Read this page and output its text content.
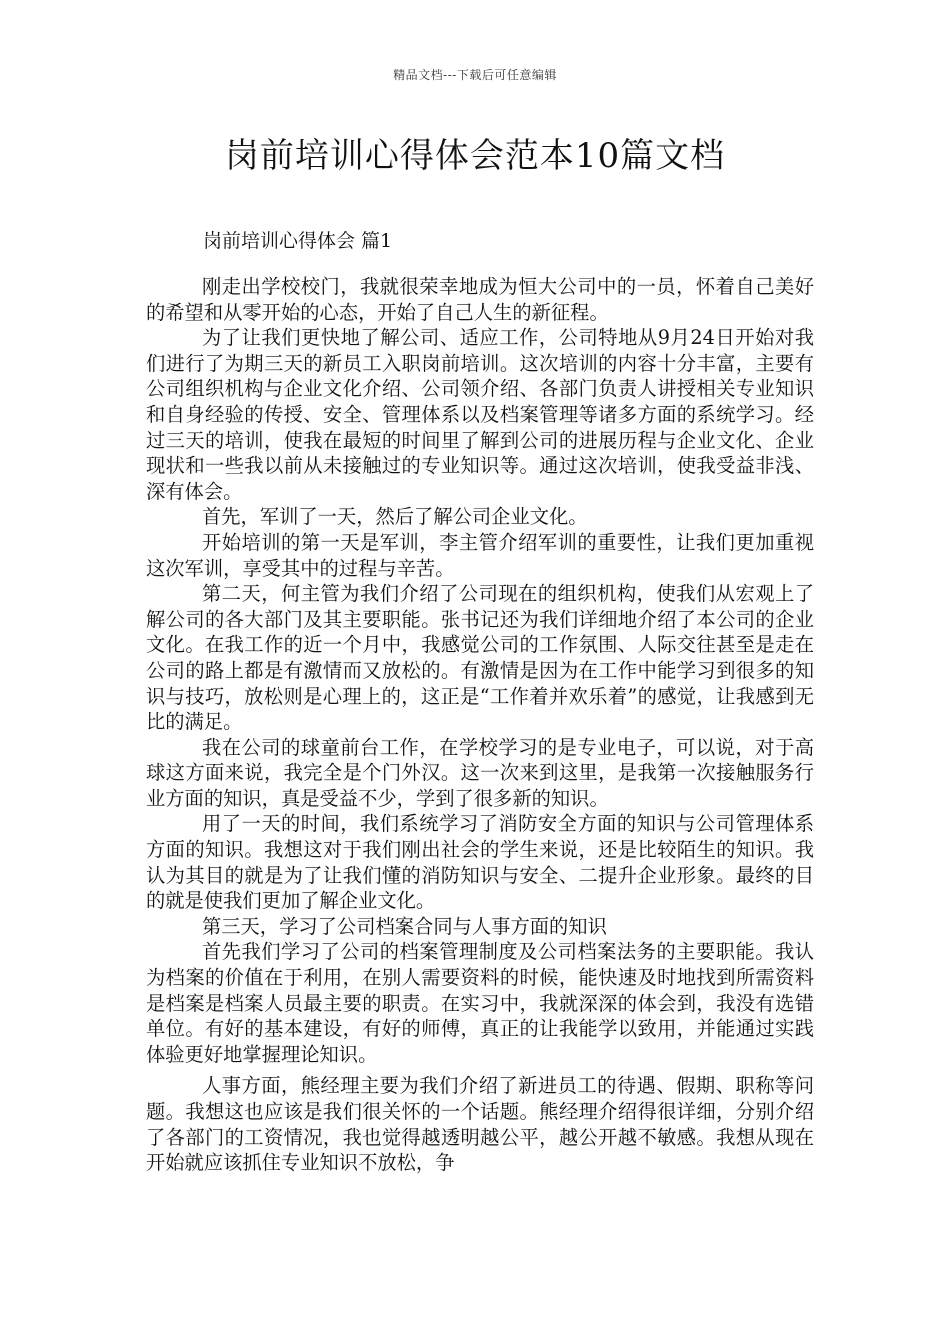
精品文档---下载后可任意编辑
岗前培训心得体会范本10篇文档
岗前培训心得体会 篇1

刚走出学校校门，我就很荣幸地成为恒大公司中的一员，怀着自己美好的希望和从零开始的心态，开始了自己人生的新征程。

为了让我们更快地了解公司、适应工作，公司特地从9月24日开始对我们进行了为期三天的新员工入职岗前培训。这次培训的内容十分丰富，主要有公司组织机构与企业文化介绍、公司领介绍、各部门负责人讲授相关专业知识和自身经验的传授、安全、管理体系以及档案管理等诸多方面的系统学习。经过三天的培训，使我在最短的时间里了解到公司的进展历程与企业文化、企业现状和一些我以前从未接触过的专业知识等。通过这次培训，使我受益非浅、深有体会。

首先，军训了一天，然后了解公司企业文化。

开始培训的第一天是军训，李主管介绍军训的重要性，让我们更加重视这次军训，享受其中的过程与辛苦。

第二天，何主管为我们介绍了公司现在的组织机构，使我们从宏观上了解公司的各大部门及其主要职能。张书记还为我们详细地介绍了本公司的企业文化。在我工作的近一个月中，我感觉公司的工作氛围、人际交往甚至是走在公司的路上都是有激情而又放松的。有激情是因为在工作中能学习到很多的知识与技巧，放松则是心理上的，这正是“工作着并欢乐着”的感觉，让我感到无比的满足。

我在公司的球童前台工作，在学校学习的是专业电子，可以说，对于高球这方面来说，我完全是个门外汉。这一次来到这里，是我第一次接触服务行业方面的知识，真是受益不少，学到了很多新的知识。

用了一天的时间，我们系统学习了消防安全方面的知识与公司管理体系方面的知识。我想这对于我们刚出社会的学生来说，还是比较陌生的知识。我认为其目的就是为了让我们懂的消防知识与安全、二提升企业形象。最终的目的就是使我们更加了解企业文化。

第三天，学习了公司档案合同与人事方面的知识

首先我们学习了公司的档案管理制度及公司档案法务的主要职能。我认为档案的价值在于利用，在别人需要资料的时候，能快速及时地找到所需资料是档案是档案人员最主要的职责。在实习中，我就深深的体会到，我没有选错单位。有好的基本建设，有好的师傅，真正的让我能学以致用，并能通过实践体验更好地掌握理论知识。

人事方面，熊经理主要为我们介绍了新进员工的待遇、假期、职称等问题。我想这也应该是我们很关怀的一个话题。熊经理介绍得很详细，分别介绍了各部门的工资情况，我也觉得越透明越公平，越公开越不敏感。我想从现在开始就应该抓住专业知识不放松，争
